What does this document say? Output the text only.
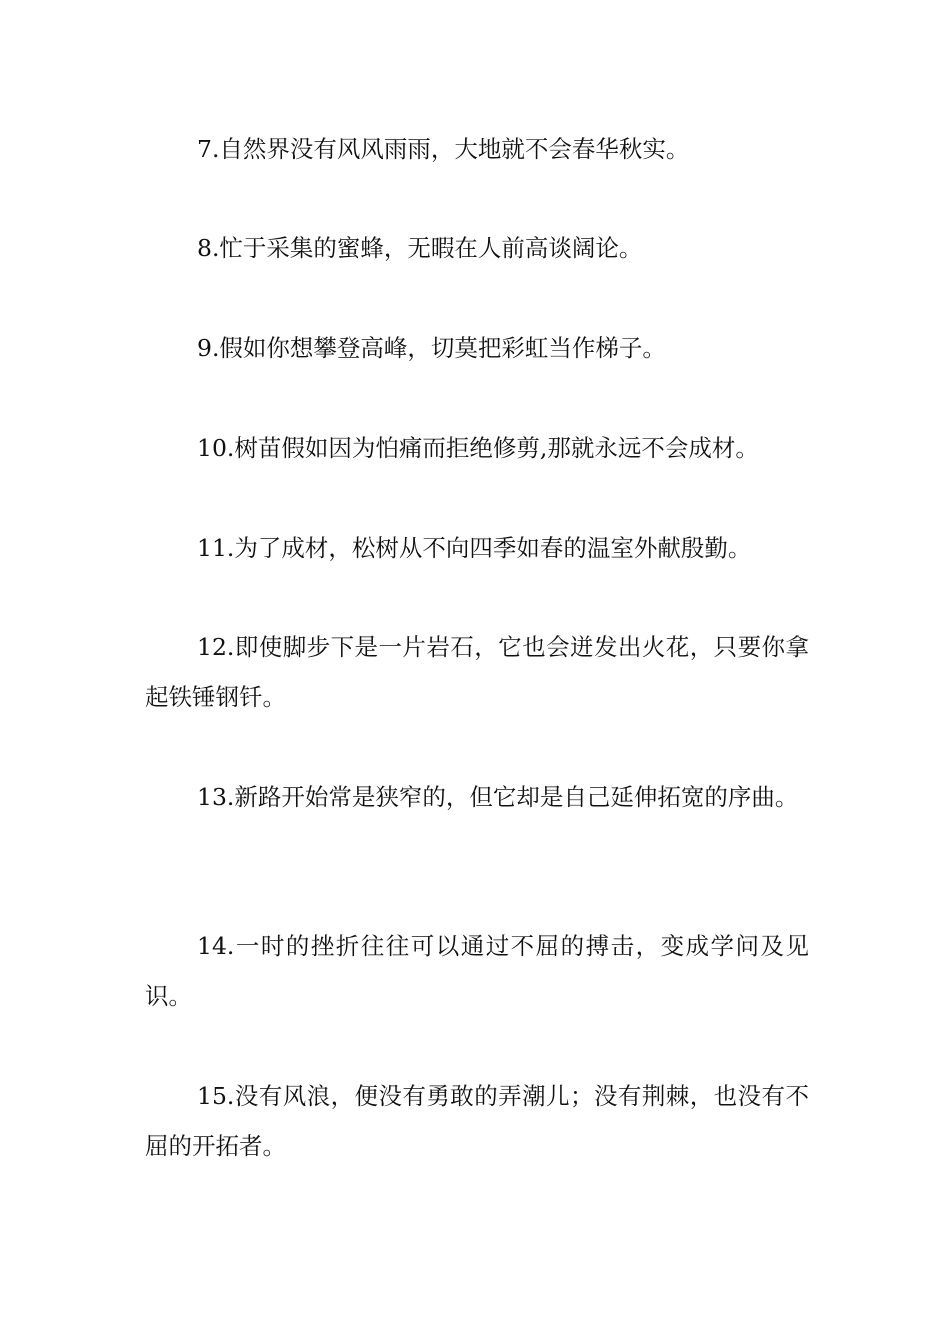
7.自然界没有风风雨雨，大地就不会春华秋实。

8.忙于采集的蜜蜂，无暇在人前高谈阔论。

9.假如你想攀登高峰，切莫把彩虹当作梯子。

10.树苗假如因为怕痛而拒绝修剪,那就永远不会成材。

11.为了成材，松树从不向四季如春的温室外献殷勤。

12.即使脚步下是一片岩石，它也会迸发出火花，只要你拿起铁锤钢钎。

13.新路开始常是狭窄的，但它却是自己延伸拓宽的序曲。

14.一时的挫折往往可以通过不屈的搏击，变成学问及见识。

15.没有风浪，便没有勇敢的弄潮儿；没有荆棘，也没有不屈的开拓者。
